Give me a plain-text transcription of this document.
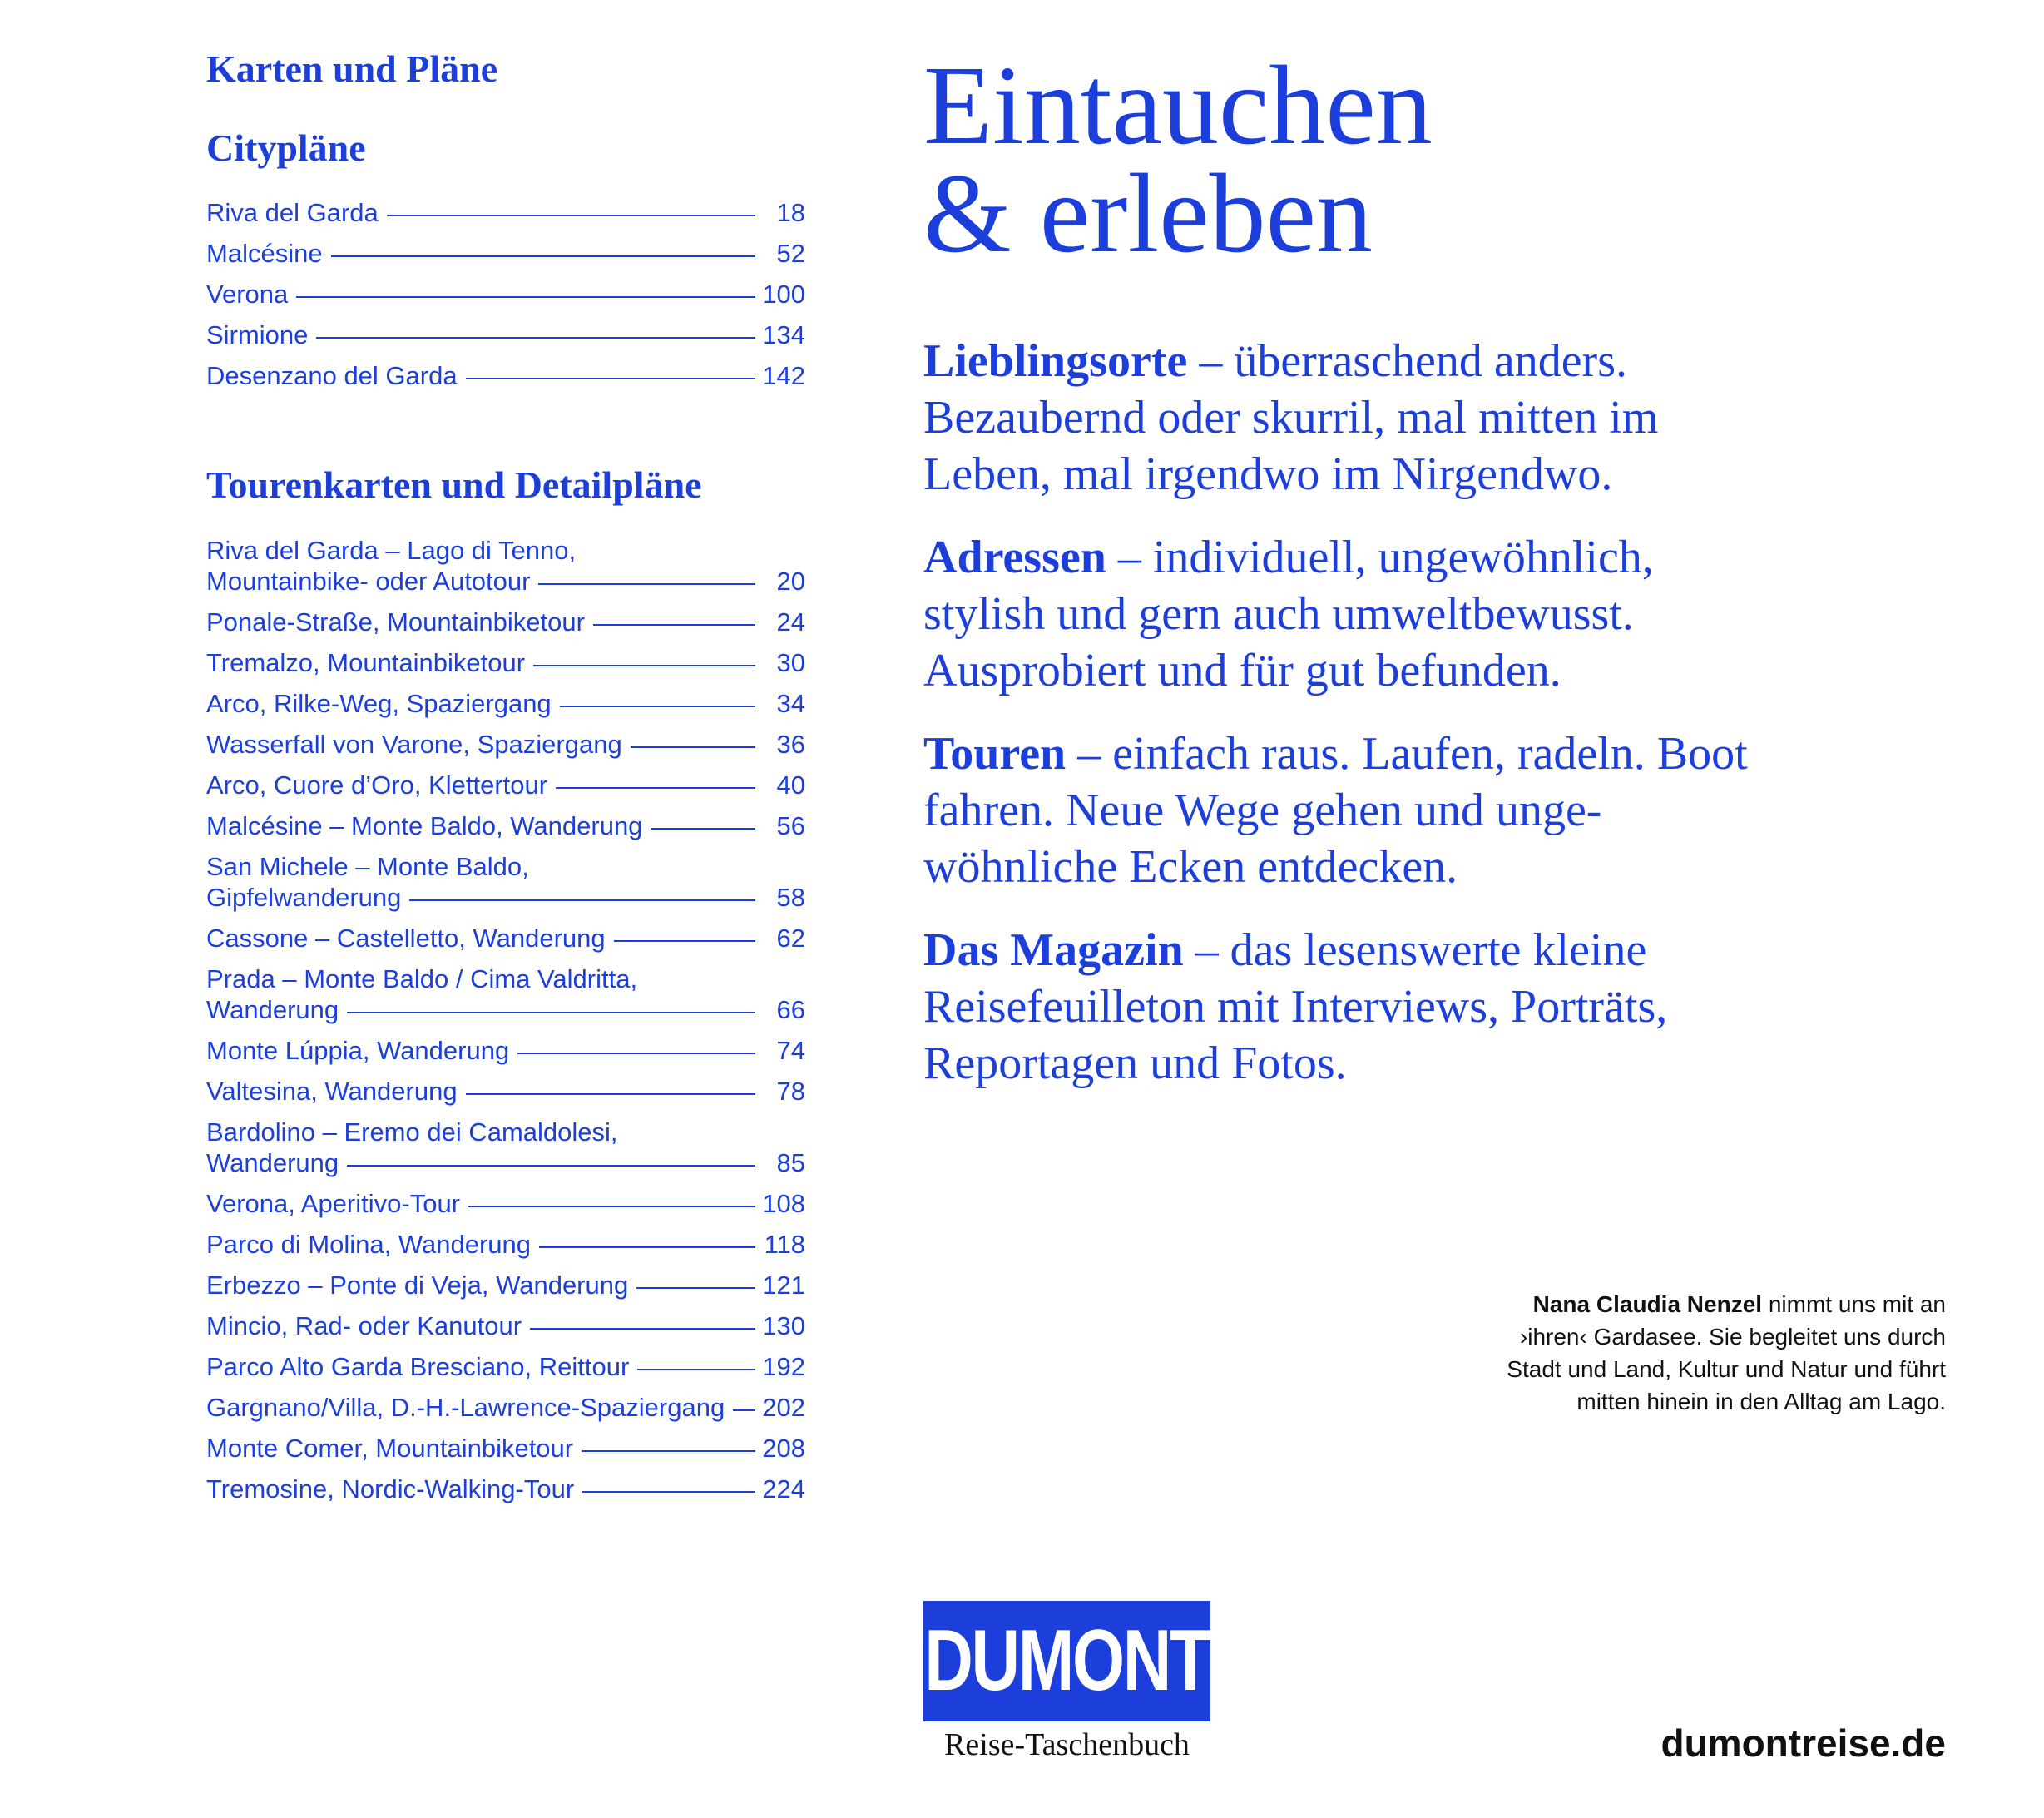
Karten und Pläne
Citypläne
Riva del Garda	18
Malcésine	52
Verona	100
Sirmione	134
Desenzano del Garda	142
Tourenkarten und Detailpläne
Riva del Garda – Lago di Tenno,
Mountainbike- oder Autotour	20
Ponale-Straße, Mountainbiketour	24
Tremalzo, Mountainbiketour	30
Arco, Rilke-Weg, Spaziergang	34
Wasserfall von Varone, Spaziergang	36
Arco, Cuore d’Oro, Klettertour	40
Malcésine – Monte Baldo, Wanderung	56
San Michele – Monte Baldo,
Gipfelwanderung	58
Cassone – Castelletto, Wanderung	62
Prada – Monte Baldo / Cima Valdritta,
Wanderung	66
Monte Lúppia, Wanderung	74
Valtesina, Wanderung	78
Bardolino – Eremo dei Camaldolesi,
Wanderung	85
Verona, Aperitivo-Tour	108
Parco di Molina, Wanderung	118
Erbezzo – Ponte di Veja, Wanderung	121
Mincio, Rad- oder Kanutour	130
Parco Alto Garda Bresciano, Reittour	192
Gargnano/Villa, D.-H.-Lawrence-Spaziergang 202
Monte Comer, Mountainbiketour	208
Tremosine, Nordic-Walking-Tour	224
Eintauchen
& erleben

Lieblingsorte – überraschend anders. Bezaubernd oder skurril, mal mitten im Leben, mal irgendwo im Nirgendwo.

Adressen – individuell, ungewöhnlich, stylish und gern auch umweltbewusst. Ausprobiert und für gut befunden.

Touren – einfach raus. Laufen, radeln. Boot fahren. Neue Wege gehen und ungewöhnliche Ecken entdecken.

Das Magazin – das lesenswerte kleine Reisefeuilleton mit Interviews, Porträts, Reportagen und Fotos.

Nana Claudia Nenzel nimmt uns mit an ›ihren‹ Gardasee. Sie begleitet uns durch Stadt und Land, Kultur und Natur und führt mitten hinein in den Alltag am Lago.

DUMONT
Reise-Taschenbuch	dumontreise.de
